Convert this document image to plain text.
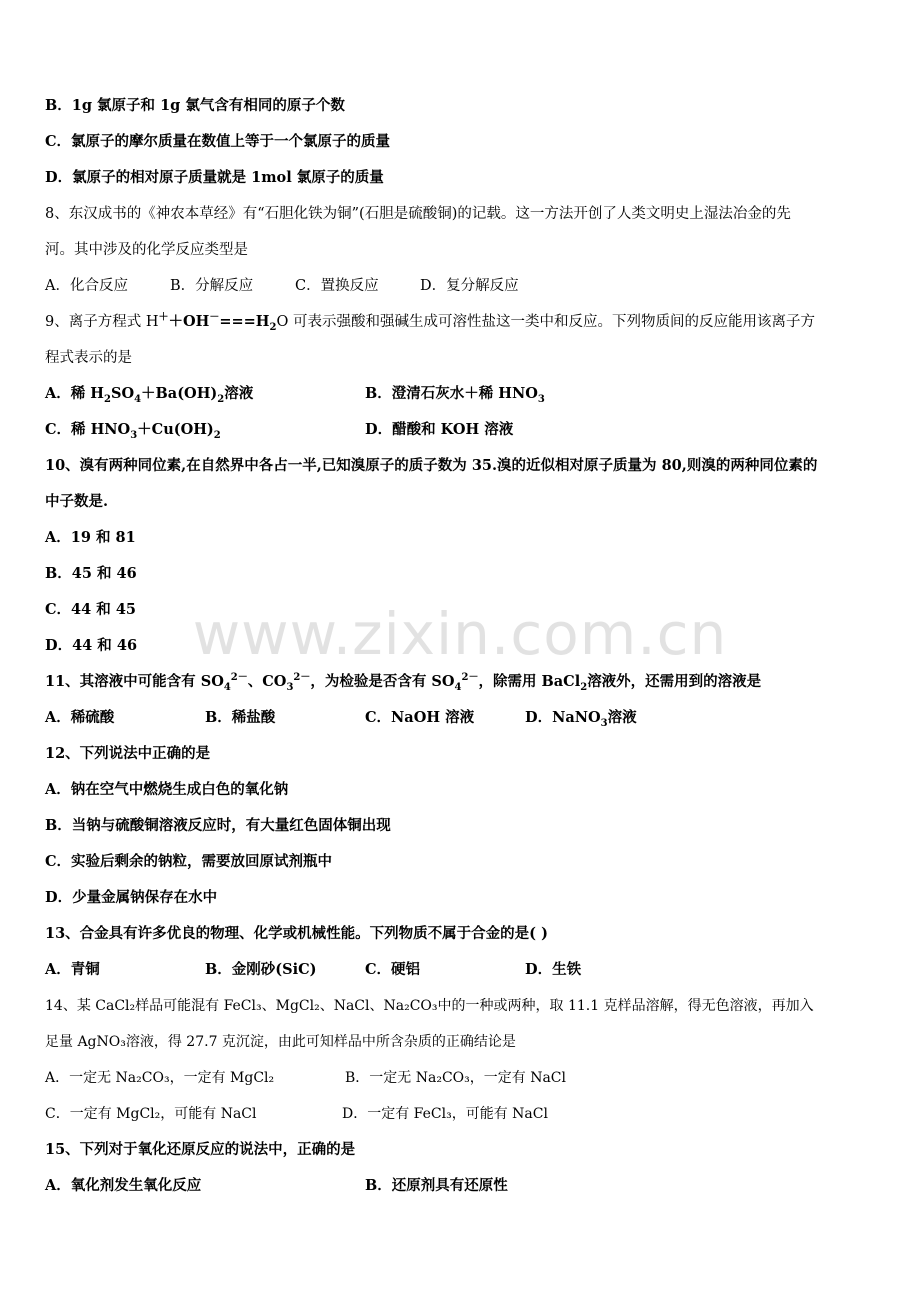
www.zixin.com.cn
B．1g 氯原子和 1g 氯气含有相同的原子个数
C．氯原子的摩尔质量在数值上等于一个氯原子的质量
D．氯原子的相对原子质量就是 1mol 氯原子的质量
8、东汉成书的《神农本草经》有“石胆化铁为铜”(石胆是硫酸铜)的记载。这一方法开创了人类文明史上湿法冶金的先
河。其中涉及的化学反应类型是
A．化合反应	B．分解反应	C．置换反应	D．复分解反应
9、离子方程式 $H^++OH^-===H_2O$ 可表示强酸和强碱生成可溶性盐这一类中和反应。下列物质间的反应能用该离子方
程式表示的是
A．稀 $H_2SO_4+Ba(OH)_2$溶液	B．澄清石灰水＋稀 $HNO_3$
C．稀 $HNO_3+Cu(OH)_2$	D．醋酸和 KOH 溶液
10、溴有两种同位素,在自然界中各占一半,已知溴原子的质子数为 35.溴的近似相对原子质量为 80,则溴的两种同位素的
中子数是.
A．19 和 81
B．45 和 46
C．44 和 45
D．44 和 46
11、其溶液中可能含有 $SO_4^{2-}$、$CO_3^{2-}$，为检验是否含有 $SO_4^{2-}$，除需用 BaCl$_2$溶液外，还需用到的溶液是
A．稀硫酸	B．稀盐酸	C．NaOH 溶液	D．NaNO$_3$溶液
12、下列说法中正确的是
A．钠在空气中燃烧生成白色的氧化钠
B．当钠与硫酸铜溶液反应时，有大量红色固体铜出现
C．实验后剩余的钠粒，需要放回原试剂瓶中
D．少量金属钠保存在水中
13、合金具有许多优良的物理、化学或机械性能。下列物质不属于合金的是( )
A．青铜	B．金刚砂(SiC)	C．硬铝	D．生铁
14、某 CaCl₂样品可能混有 FeCl₃、MgCl₂、NaCl、Na₂CO₃中的一种或两种，取 11.1 克样品溶解，得无色溶液，再加入
足量 AgNO₃溶液，得 27.7 克沉淀，由此可知样品中所含杂质的正确结论是
A．一定无 Na₂CO₃，一定有 MgCl₂	B．一定无 Na₂CO₃，一定有 NaCl
C．一定有 MgCl₂，可能有 NaCl	D．一定有 FeCl₃，可能有 NaCl
15、下列对于氧化还原反应的说法中，正确的是
A．氧化剂发生氧化反应	B．还原剂具有还原性
